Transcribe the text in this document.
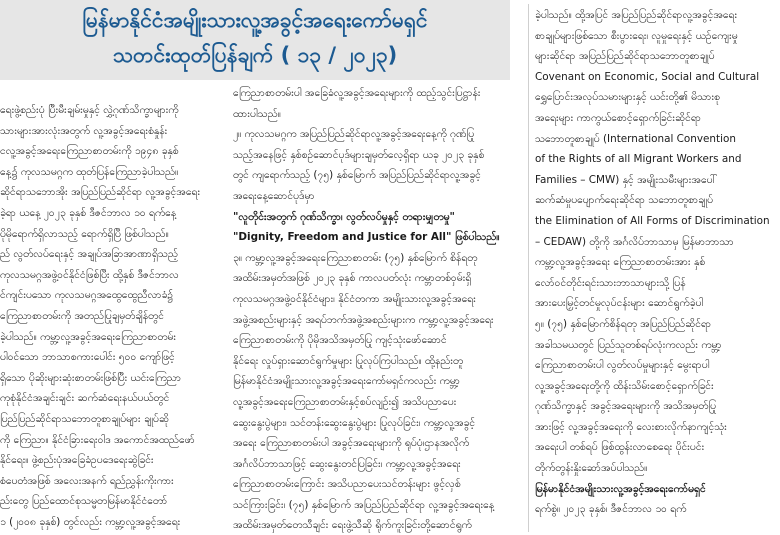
မြန်မာနိုင်ငံအမျိုးသားလူ့အခွင့်အရေးကော်မရှင်
သတင်းထုတ်ပြန်ချက် ( ၁၃ / ၂၀၂၃)

ရေးဖွဲ့စည်းပုံ ပြီးမီးချမ်းမှုနှင့် လွှဲ့ဂုဏ်သိက္ခာများကို

သားများအားလုံးအတွက် လူ့အခွင့်အရေးစံနှုန်း

ငလူ့အခွင့်အရေးကြေညာစာတမ်းကို ၁၉၄၈ ခုနှစ်

နေ့၌ ကုလသမဂ္ဂက ထုတ်ပြန်ကြေညာခဲ့ပါသည်။

ဆိုင်ရာသဘောအိုး အပြည်ပြည်ဆိုင်ရာ လူ့အခွင့်အရေး

ခဲ့ရာ ယနေ့ ၂၀၂၃ ခုနှစ် ဒီဇင်ဘာလ ၁၀ ရက်နေ့

ပိုမိုရောက်ရှိလာသည့် ရောက်ရှိပြီ ဖြစ်ပါသည်။

ည် လွတ်လပ်ရေးနှင့် အချုပ်အခြာအာဏာရှိသည့်

ကုလသမဂ္ဂအဖွဲ့ဝင်နိုင်ငံဖြစ်ပြီး ထို့နှစ် ဒီဇင်ဘာလ

င်ကျင်းပသော ကုလသမဂ္ဂအထွေထွေညီလာခံ၌

ကြေညာစာတမ်းကို အတည်ပြုချမှတ်ချိန်တွင်

ခဲ့ပါသည်။ ကမ္ဘာ့လူ့အခွင့်အရေးကြေညာစာတမ်း

ပါဝင်သော ဘာသာစကားပေါင်း ၅၀၀ ကျော်ဖြင့်

ရှိသော ပိုဆိုးများဆုံးစာတမ်းဖြစ်ပြီး ယင်းကြေညာ

ကုစုံနိုင်ငံအချင်းချင်း ဆက်ဆံရေးနယ်ပယ်တွင်

ပြည်ပြည်ဆိုင်ရာသဘောတူစာချုပ်များ ချုပ်ဆို

ကို ကြေညာ။ နိုင်ငံခြားရေးဝါဒ အကောင်အထည်ဖော်

နိုင်ရေး။ ဖွဲ့စည်းပုံအခြေခံဥပဒေရေးဆွဲခြင်း

စံပေတံအဖြစ် အလေးအနက် ရည်ညွှန်းကိုးကား

ည်းတွေ ပြည်ထောင်စုသမ္မတမြန်မာနိုင်ငံတော်

၁ (၂၀၀၈ ခုနှစ်) တွင်လည်း ကမ္ဘာ့လူ့အခွင့်အရေး

ကြေညာစာတမ်းပါ အခြေခံလူ့အခွင့်အရေးများကို ထည့်သွင်းပြဋ္ဌာန်း

ထားပါသည်။

၂။ ကုလသမဂ္ဂက အပြည်ပြည်ဆိုင်ရာလူ့အခွင့်အရေးနေ့ကို ဂုဏ်ပြု

သည့်အနေဖြင့် နှစ်စဉ်ဆောင်ပုဒ်များချမှတ်လေ့ရှိရာ ယခု ၂၀၂၃ ခုနှစ်

တွင် ကျရောက်သည့် (၇၅) နှစ်မြောက် အပြည်ပြည်ဆိုင်ရာလူ့အခွင့်

အရေးနေ့ဆောင်ပုဒ်မှာ

"လူတိုင်းအတွက် ဂုဏ်သိက္ခာ၊ လွတ်လပ်မှုနှင့် တရားမျှတမှု"

"Dignity, Freedom and Justice for All" ဖြစ်ပါသည်။

၃။ ကမ္ဘာ့လူ့အခွင့်အရေးကြေညာစာတမ်း (၇၅) နှစ်မြောက် စိန်ရတု

အထိမ်းအမှတ်အဖြစ် ၂၀၂၃ ခုနှစ် ကာလပတ်လုံး ကမ္ဘာတစ်ဝှမ်းရှိ

ကုလသမဂ္ဂအဖွဲ့ဝင်နိုင်ငံများ၊ နိုင်ငံတကာ အမျိုးသားလူ့အခွင့်အရေး

အဖွဲ့အစည်းများနှင့် အရပ်ဘက်အဖွဲ့အစည်းများက ကမ္ဘာ့လူ့အခွင့်အရေး

ကြေညာစာတမ်းကို ပိုမိုအသိအမှတ်ပြု ကျင့်သုံးဖော်ဆောင်

နိုင်ရေး လှုပ်ရှားဆောင်ရွက်မှုများ ပြုလုပ်ကြပါသည်။ ထို့နည်းတူ

မြန်မာနိုင်ငံအမျိုးသားလူ့အခွင့်အရေးကော်မရှင်ကလည်း ကမ္ဘာ့

လူ့အခွင့်အရေးကြေညာစာတမ်းနှင့်စပ်လျဉ်း၍ အသိပညာပေး

ဆွေးနွေးပွဲများ၊ သင်တန်းဆွေးနွေးပွဲများ ပြုလုပ်ခြင်း၊ ကမ္ဘာ့လူ့အခွင့်

အရေး ကြေညာစာတမ်းပါ အခွင့်အရေးများကို ရုပ်ပုံ၊ဌာနအလိုက်

အင်္ဂလိပ်ဘာသာဖြင့် ဆွေးနွေးတင်ပြခြင်း၊ ကမ္ဘာ့လူ့အခွင့်အရေး

ကြေညာစာတမ်းကြောင်း အသိပညာပေးသင်တန်းများ ဖွင့်လှစ်

သင်ကြားခြင်း၊ (၇၅) နှစ်မြောက် အပြည်ပြည်ဆိုင်ရာ လူ့အခွင့်အရေးနေ့

အထိမ်းအမှတ်တေသီချင်း ရေးဖွဲ့သီဆို ရိုက်ကူးခြင်းတို့ဆောင်ရွက်

ခဲ့ပါသည်။ ထို့အပြင် အပြည်ပြည်ဆိုင်ရာလူ့အခွင့်အရေး

စာချုပ်များဖြစ်သော စီးပွားရေး၊ လူမှုရေးနှင့် ယဉ်ကျေးမှု

များဆိုင်ရာ အပြည်ပြည်ဆိုင်ရာသဘောတူစာချုပ်

Covenant on Economic, Social and Cultural

ရွှေပြောင်းအလုပ်သမားများနှင့် ယင်းတို့၏ မိသားစု

အရေးများ ကာကွယ်စောင့်ရှောက်ခြင်းဆိုင်ရာ

သဘောတူစာချုပ် (International Convention

of the Rights of all Migrant Workers and

Families – CMW) နှင့် အမျိုးသမီးများအပေါ်

ဆက်ဆံမှုပပျောက်ရေးဆိုင်ရာ သဘောတူစာချုပ်

the Elimination of All Forms of Discrimination

– CEDAW) တို့ကို အင်္ဂလိပ်ဘာသာမှ မြန်မာဘာသာ

ကမ္ဘာ့လူ့အခွင့်အရေး ကြေညာစာတမ်းအား နှစ်

လော်ဝင်တိုင်းရင်းသားဘာသာများသို့ ပြန်

အားပေးမြှင့်တင်မှုလုပ်ငန်းများ ဆောင်ရွက်ခဲ့ပါ

၅။ (၇၅) နှစ်မြောက်စိန်ရတု အပြည်ပြည်ဆိုင်ရာ

အခါသမယတွင် ပြည်သူတစ်ရပ်လုံးကလည်း ကမ္ဘာ့

ကြေညာစာတမ်းပါ လွတ်လပ်မှုများနှင့် မွေးရာပါ

လူ့အခွင့်အရေးတို့ကို ထိန်းသိမ်းစောင့်ရှောက်ခြင်း

ဂုဏ်သိက္ခာနှင့် အခွင့်အရေးများကို အသိအမှတ်ပြု

အားဖြင့် လူ့အခွင့်အရေးကို လေးစားလိုက်နာကျင့်သုံး

အရေးပါ တစ်ရပ် ဖြစ်ထွန်းလာစေရေး ပိုင်းပင်း

တိုက်တွန်းနှိုးဆော်အပ်ပါသည်။

မြန်မာနိုင်ငံအမျိုးသားလူ့အခွင့်အရေးကော်မရှင်

ရက်စွဲ။ ၂၀၂၃ ခုနှစ်၊ ဒီဇင်ဘာလ ၁၀ ရက်
